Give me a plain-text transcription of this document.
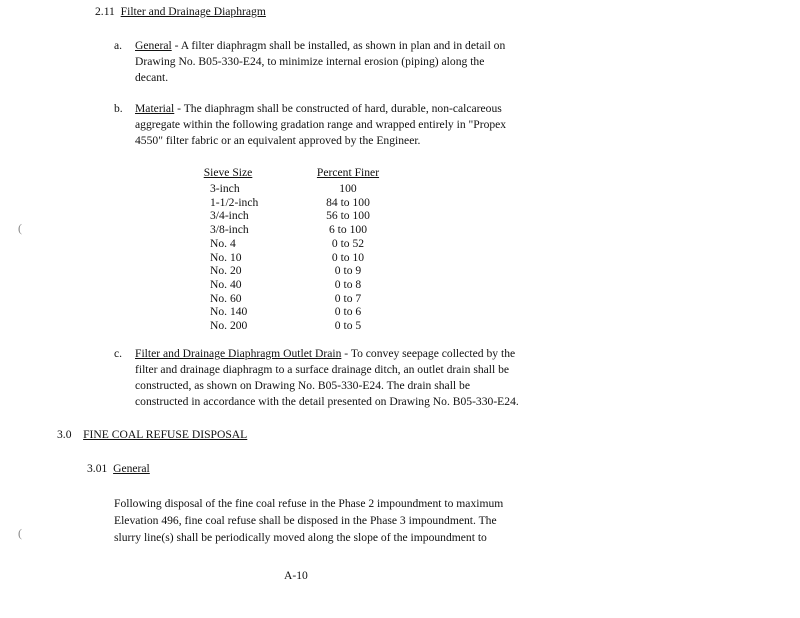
2.11 Filter and Drainage Diaphragm
a. General - A filter diaphragm shall be installed, as shown in plan and in detail on
Drawing No. B05-330-E24, to minimize internal erosion (piping) along the
decant.
b. Material - The diaphragm shall be constructed of hard, durable, non-calcareous
aggregate within the following gradation range and wrapped entirely in "Propex
4550" filter fabric or an equivalent approved by the Engineer.
Sieve Size	Percent Finer
3-inch	100
1-1/2-inch	84 to 100
3/4-inch	56 to 100
3/8-inch	6 to 100
No. 4	0 to 52
No. 10	0 to 10
No. 20	0 to 9
No. 40	0 to 8
No. 60	0 to 7
No. 140	0 to 6
No. 200	0 to 5
c. Filter and Drainage Diaphragm Outlet Drain - To convey seepage collected by the
filter and drainage diaphragm to a surface drainage ditch, an outlet drain shall be
constructed, as shown on Drawing No. B05-330-E24. The drain shall be
constructed in accordance with the detail presented on Drawing No. B05-330-E24.
3.0 FINE COAL REFUSE DISPOSAL
3.01 General
Following disposal of the fine coal refuse in the Phase 2 impoundment to maximum
Elevation 496, fine coal refuse shall be disposed in the Phase 3 impoundment. The
slurry line(s) shall be periodically moved along the slope of the impoundment to
(
(
A-10
